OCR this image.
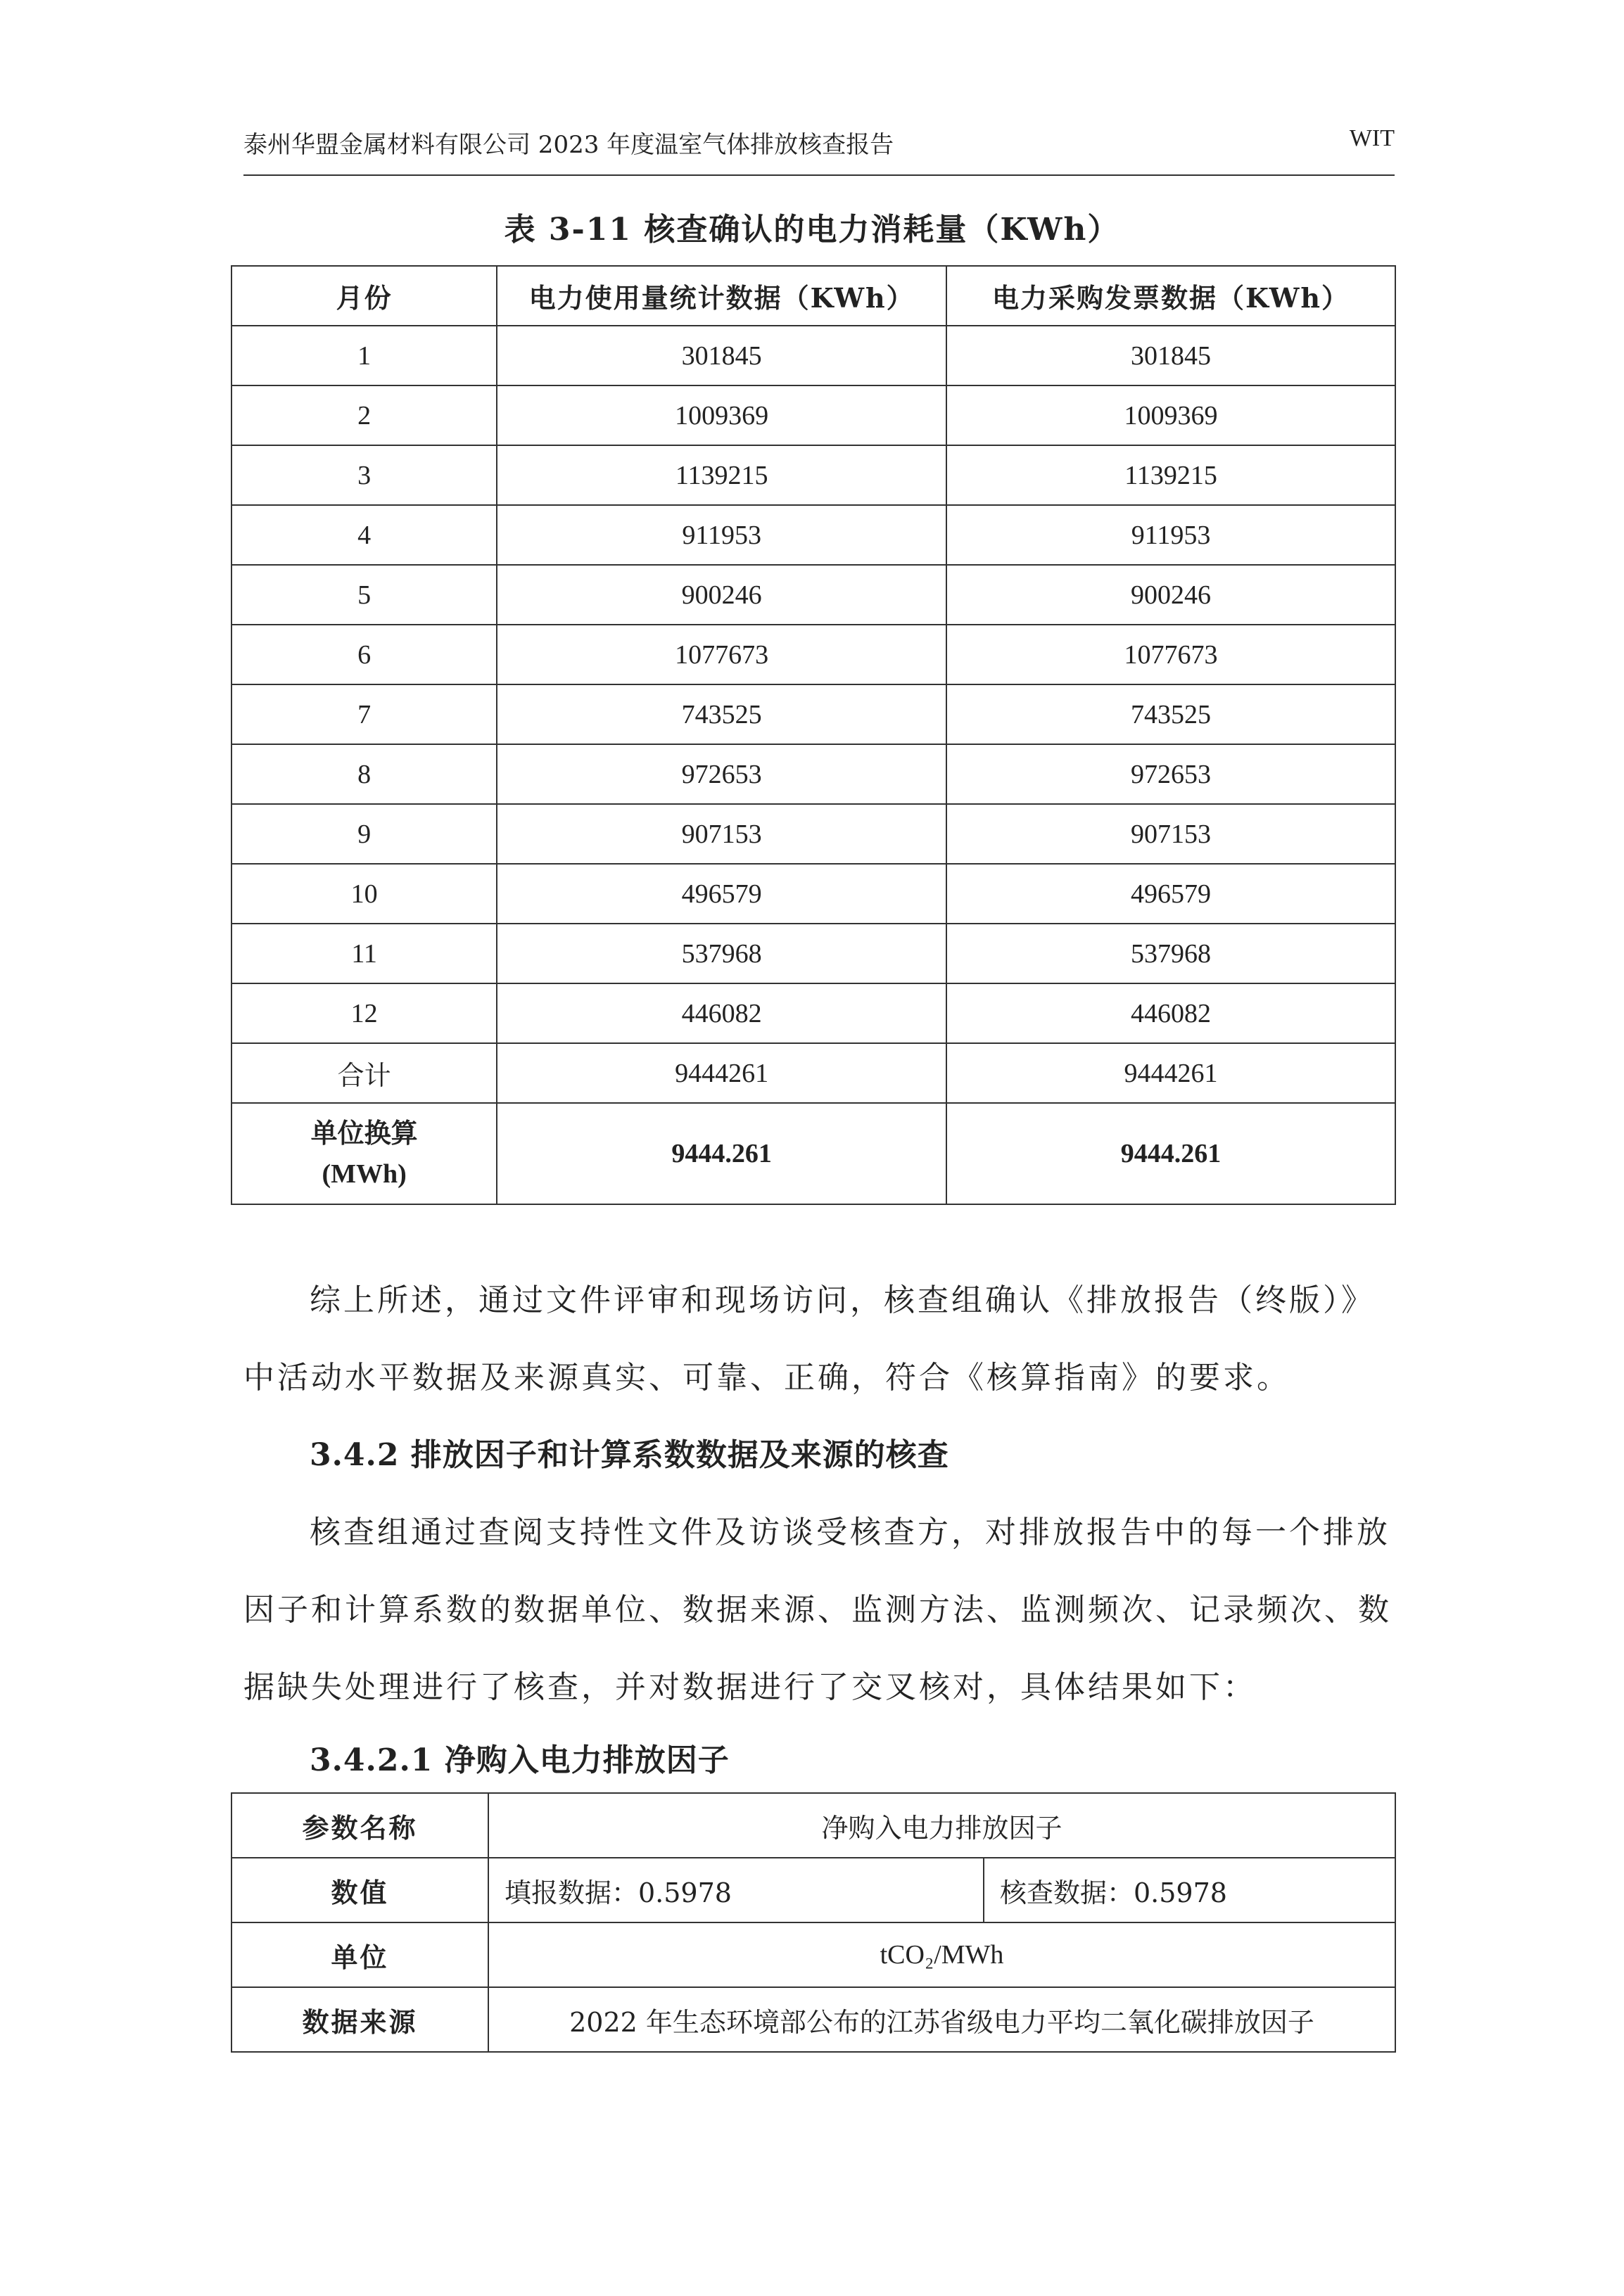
泰州华盟金属材料有限公司 2023 年度温室气体排放核查报告	WIT
表 3-11 核查确认的电力消耗量（KWh）
月份	电力使用量统计数据（KWh）	电力采购发票数据（KWh）
1	301845	301845
2	1009369	1009369
3	1139215	1139215
4	911953	911953
5	900246	900246
6	1077673	1077673
7	743525	743525
8	972653	972653
9	907153	907153
10	496579	496579
11	537968	537968
12	446082	446082
合计	9444261	9444261

单位换算
(MWh)	9444.261	9444.261
综上所述，通过文件评审和现场访问，核查组确认《排放报告（终版）》
中活动水平数据及来源真实、可靠、正确，符合《核算指南》的要求。
3.4.2 排放因子和计算系数数据及来源的核查
核查组通过查阅支持性文件及访谈受核查方，对排放报告中的每一个排放
因子和计算系数的数据单位、数据来源、监测方法、监测频次、记录频次、数
据缺失处理进行了核查，并对数据进行了交叉核对，具体结果如下：
3.4.2.1 净购入电力排放因子
参数名称	净购入电力排放因子	
数值	填报数据：0.5978	核查数据：0.5978
单位	tCO₂/MWh	
数据来源	2022 年生态环境部公布的江苏省级电力平均二氧化碳排放因子	
